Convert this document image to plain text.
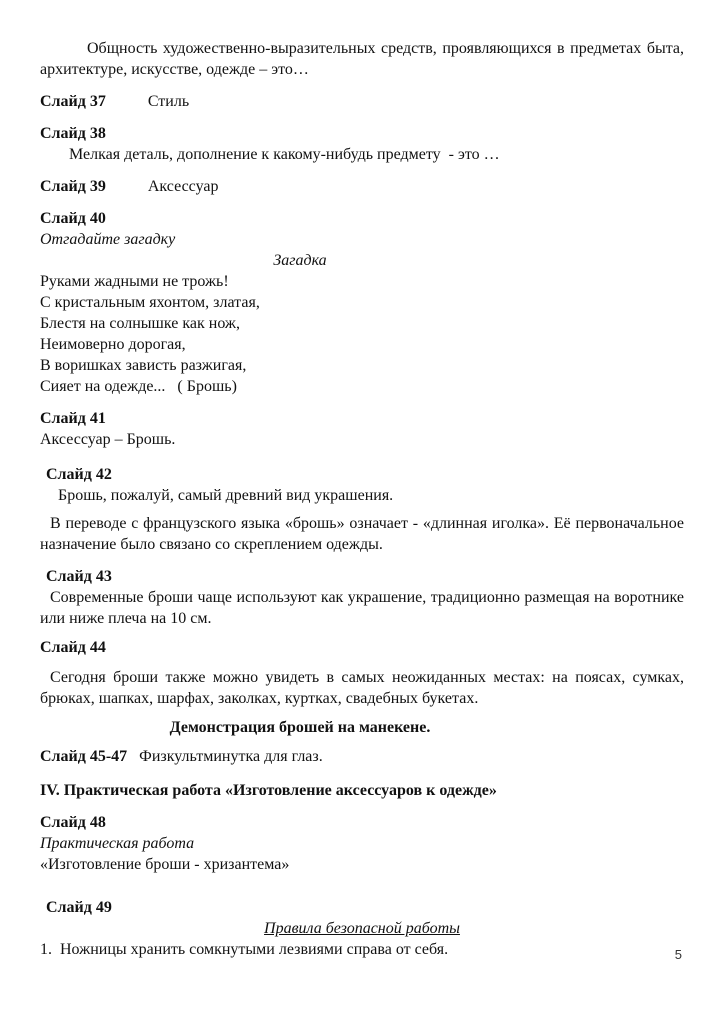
Общность художественно-выразительных средств, проявляющихся в предметах быта, архитектуре, искусстве, одежде – это…

Слайд 37	Стиль

Слайд 38
Мелкая деталь, дополнение к какому-нибудь предмету  - это …

Слайд 39	Аксессуар

Слайд 40
Отгадайте загадку
Загадка
Руками жадными не трожь!
С кристальным яхонтом, златая,
Блестя на солнышке как нож,
Неимоверно дорогая,
В воришках зависть разжигая,
Сияет на одежде...   ( Брошь)
Слайд 41
Аксессуар – Брошь.
Слайд 42
Брошь, пожалуй, самый древний вид украшения.
В переводе с французского языка «брошь» означает - «длинная иголка». Её первоначальное назначение было связано со скреплением одежды.
Слайд 43
Современные броши чаще используют как украшение, традиционно размещая на воротнике или ниже плеча на 10 см.
Слайд 44
Сегодня броши также можно увидеть в самых неожиданных местах: на поясах, сумках, брюках, шапках, шарфах, заколках, куртках, свадебных букетах.

Демонстрация брошей на манекене.

Слайд 45-47 Физкультминутка для глаз.

IV. Практическая работа «Изготовление аксессуаров к одежде»

Слайд 48
Практическая работа
«Изготовление броши - хризантема»
Слайд 49
Правила безопасной работы
1.  Ножницы хранить сомкнутыми лезвиями справа от себя.	5
